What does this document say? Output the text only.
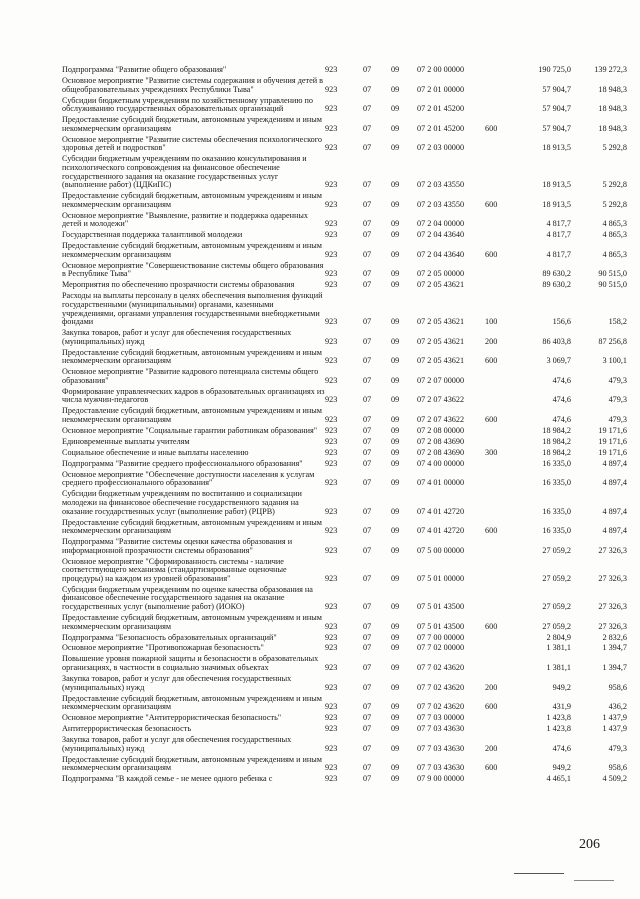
Подпрограмма "Развитие общего образования"	923	07	09	07 2 00 00000		190 725,0	139 272,3
Основное мероприятие "Развитие системы содержания и обучения детей в общеобразовательных учреждениях Республики Тыва"	923	07	09	07 2 01 00000		57 904,7	18 948,3
Субсидии бюджетным учреждениям по хозяйственному управлению по обслуживанию государственных образовательных организаций	923	07	09	07 2 01 45200		57 904,7	18 948,3
Предоставление субсидий бюджетным, автономным учреждениям и иным некоммерческим организациям	923	07	09	07 2 01 45200	600	57 904,7	18 948,3
Основное мероприятие "Развитие системы обеспечения психологического здоровья детей и подростков"	923	07	09	07 2 03 00000		18 913,5	5 292,8
Субсидии бюджетным учреждениям по оказанию консультирования и психологического сопровождения на финансовое обеспечение государственного задания на оказание государственных услуг (выполнение работ) (ЦДКиПС)	923	07	09	07 2 03 43550		18 913,5	5 292,8
Предоставление субсидий бюджетным, автономным учреждениям и иным некоммерческим организациям	923	07	09	07 2 03 43550	600	18 913,5	5 292,8
Основное мероприятие "Выявление, развитие и поддержка одаренных детей и молодежи"	923	07	09	07 2 04 00000		4 817,7	4 865,3
Государственная поддержка талантливой молодежи	923	07	09	07 2 04 43640		4 817,7	4 865,3
Предоставление субсидий бюджетным, автономным учреждениям и иным некоммерческим организациям	923	07	09	07 2 04 43640	600	4 817,7	4 865,3
Основное мероприятие "Совершенствование системы общего образования в Республике Тыва"	923	07	09	07 2 05 00000		89 630,2	90 515,0
Мероприятия по обеспечению прозрачности системы образования	923	07	09	07 2 05 43621		89 630,2	90 515,0
Расходы на выплаты персоналу в целях обеспечения выполнения функций государственными (муниципальными) органами, казенными учреждениями, органами управления государственными внебюджетными фондами	923	07	09	07 2 05 43621	100	156,6	158,2
Закупка товаров, работ и услуг для обеспечения государственных (муниципальных) нужд	923	07	09	07 2 05 43621	200	86 403,8	87 256,8
Предоставление субсидий бюджетным, автономным учреждениям и иным некоммерческим организациям	923	07	09	07 2 05 43621	600	3 069,7	3 100,1
Основное мероприятие "Развитие кадрового потенциала системы общего образования"	923	07	09	07 2 07 00000		474,6	479,3
Формирование управленческих кадров в образовательных организациях из числа мужчин-педагогов	923	07	09	07 2 07 43622		474,6	479,3
Предоставление субсидий бюджетным, автономным учреждениям и иным некоммерческим организациям	923	07	09	07 2 07 43622	600	474,6	479,3
Основное мероприятие "Социальные гарантии работникам образования"	923	07	09	07 2 08 00000		18 984,2	19 171,6
Единовременные выплаты учителям	923	07	09	07 2 08 43690		18 984,2	19 171,6
Социальное обеспечение и иные выплаты населению	923	07	09	07 2 08 43690	300	18 984,2	19 171,6
Подпрограмма "Развитие среднего профессионального образования"	923	07	09	07 4 00 00000		16 335,0	4 897,4
Основное мероприятие "Обеспечение доступности населения к услугам среднего профессионального образования"	923	07	09	07 4 01 00000		16 335,0	4 897,4
Субсидии бюджетным учреждениям по воспитанию и социализации молодежи на финансовое обеспечение государственного задания на оказание государственных услуг (выполнение работ) (РЦРВ)	923	07	09	07 4 01 42720		16 335,0	4 897,4
Предоставление субсидий бюджетным, автономным учреждениям и иным некоммерческим организациям	923	07	09	07 4 01 42720	600	16 335,0	4 897,4
Подпрограмма "Развитие системы оценки качества образования и информационной прозрачности системы образования"	923	07	09	07 5 00 00000		27 059,2	27 326,3
Основное мероприятие "Сформированность системы - наличие соответствующего механизма (стандартизированные оценочные процедуры) на каждом из уровней образования"	923	07	09	07 5 01 00000		27 059,2	27 326,3
Субсидии бюджетным учреждениям по оценке качества образования на финансовое обеспечение государственного задания на оказание государственных услуг (выполнение работ) (ИОКО)	923	07	09	07 5 01 43500		27 059,2	27 326,3
Предоставление субсидий бюджетным, автономным учреждениям и иным некоммерческим организациям	923	07	09	07 5 01 43500	600	27 059,2	27 326,3
Подпрограмма "Безопасность образовательных организаций"	923	07	09	07 7 00 00000		2 804,9	2 832,6
Основное мероприятие "Противопожарная безопасность"	923	07	09	07 7 02 00000		1 381,1	1 394,7
Повышение уровня пожарной защиты и безопасности в образовательных организациях, в частности в социально значимых объектах	923	07	09	07 7 02 43620		1 381,1	1 394,7
Закупка товаров, работ и услуг для обеспечения государственных (муниципальных) нужд	923	07	09	07 7 02 43620	200	949,2	958,6
Предоставление субсидий бюджетным, автономным учреждениям и иным некоммерческим организациям	923	07	09	07 7 02 43620	600	431,9	436,2
Основное мероприятие "Антитеррористическая безопасность"	923	07	09	07 7 03 00000		1 423,8	1 437,9
Антитеррористическая безопасность	923	07	09	07 7 03 43630		1 423,8	1 437,9
Закупка товаров, работ и услуг для обеспечения государственных (муниципальных) нужд	923	07	09	07 7 03 43630	200	474,6	479,3
Предоставление субсидий бюджетным, автономным учреждениям и иным некоммерческим организациям	923	07	09	07 7 03 43630	600	949,2	958,6
Подпрограмма "В каждой семье - не менее одного ребенка с	923	07	09	07 9 00 00000		4 465,1	4 509,2
206
